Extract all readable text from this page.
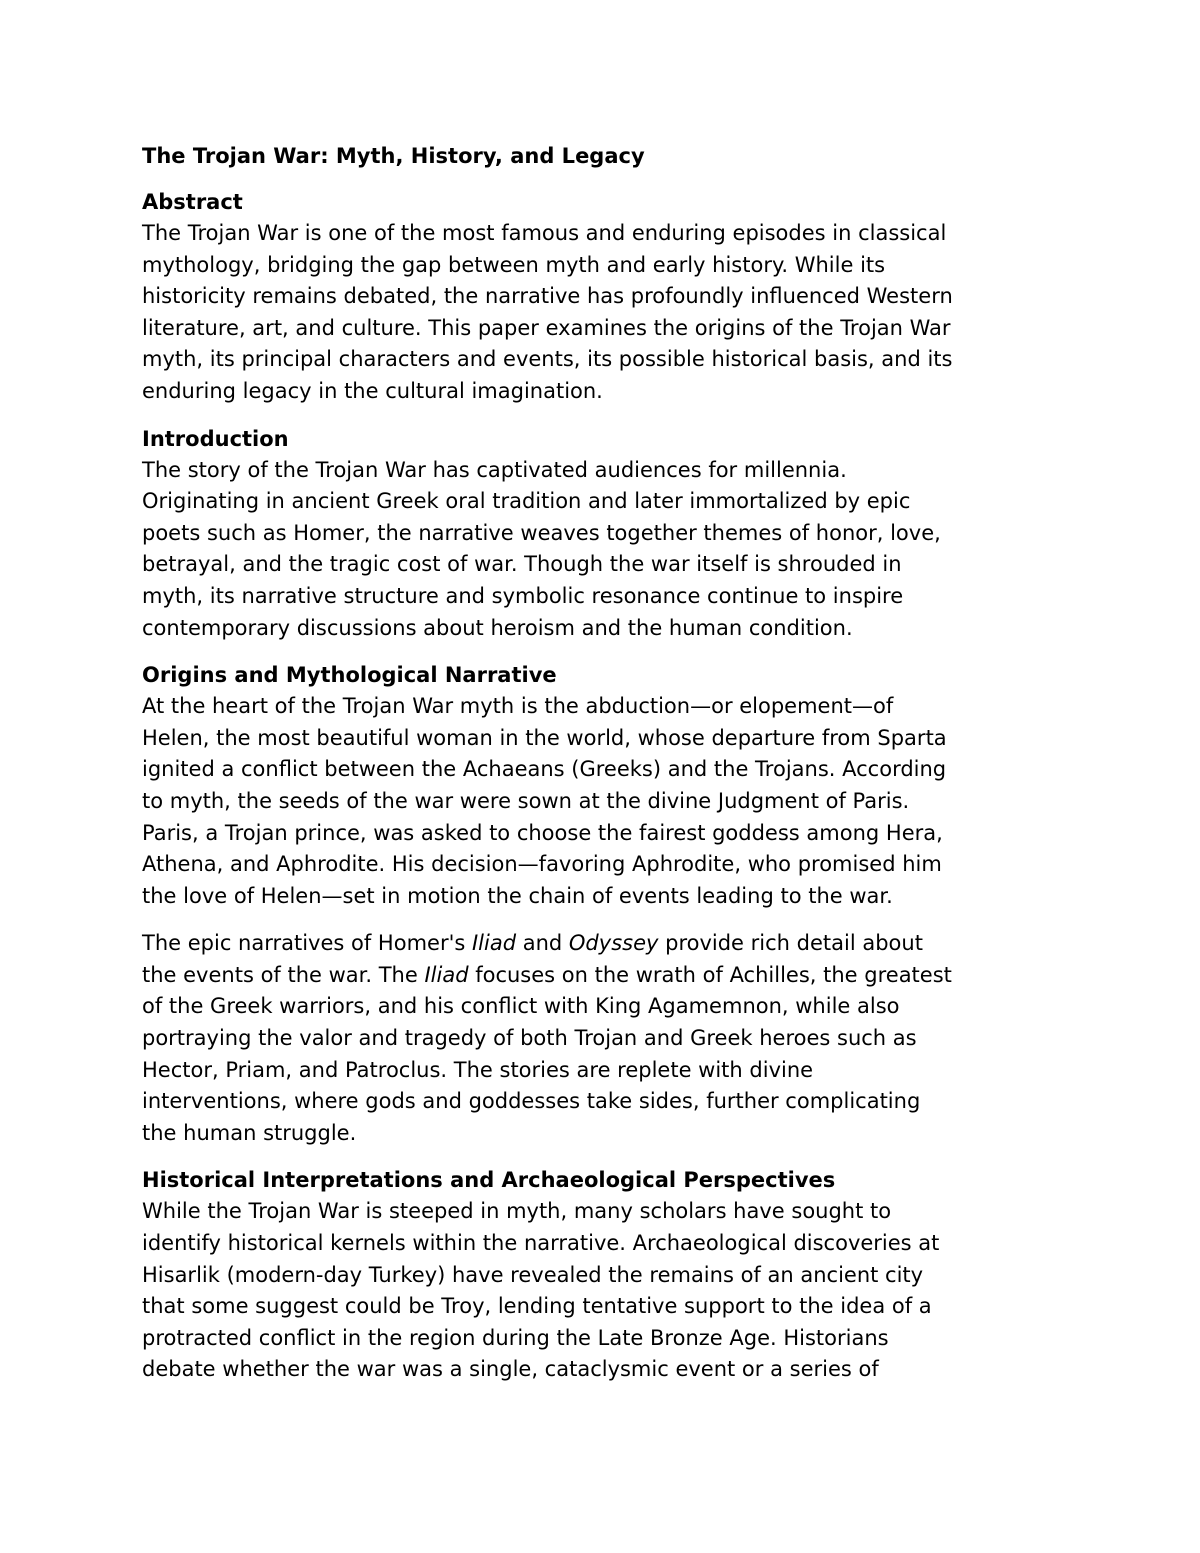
The Trojan War: Myth, History, and Legacy

Abstract

The Trojan War is one of the most famous and enduring episodes in classical
mythology, bridging the gap between myth and early history. While its
historicity remains debated, the narrative has profoundly influenced Western
literature, art, and culture. This paper examines the origins of the Trojan War
myth, its principal characters and events, its possible historical basis, and its
enduring legacy in the cultural imagination.

Introduction

The story of the Trojan War has captivated audiences for millennia.
Originating in ancient Greek oral tradition and later immortalized by epic
poets such as Homer, the narrative weaves together themes of honor, love,
betrayal, and the tragic cost of war. Though the war itself is shrouded in
myth, its narrative structure and symbolic resonance continue to inspire
contemporary discussions about heroism and the human condition.

Origins and Mythological Narrative

At the heart of the Trojan War myth is the abduction—or elopement—of
Helen, the most beautiful woman in the world, whose departure from Sparta
ignited a conflict between the Achaeans (Greeks) and the Trojans. According
to myth, the seeds of the war were sown at the divine Judgment of Paris.
Paris, a Trojan prince, was asked to choose the fairest goddess among Hera,
Athena, and Aphrodite. His decision—favoring Aphrodite, who promised him
the love of Helen—set in motion the chain of events leading to the war.

The epic narratives of Homer's Iliad and Odyssey provide rich detail about
the events of the war. The Iliad focuses on the wrath of Achilles, the greatest
of the Greek warriors, and his conflict with King Agamemnon, while also
portraying the valor and tragedy of both Trojan and Greek heroes such as
Hector, Priam, and Patroclus. The stories are replete with divine
interventions, where gods and goddesses take sides, further complicating
the human struggle.

Historical Interpretations and Archaeological Perspectives

While the Trojan War is steeped in myth, many scholars have sought to
identify historical kernels within the narrative. Archaeological discoveries at
Hisarlik (modern-day Turkey) have revealed the remains of an ancient city
that some suggest could be Troy, lending tentative support to the idea of a
protracted conflict in the region during the Late Bronze Age. Historians
debate whether the war was a single, cataclysmic event or a series of
